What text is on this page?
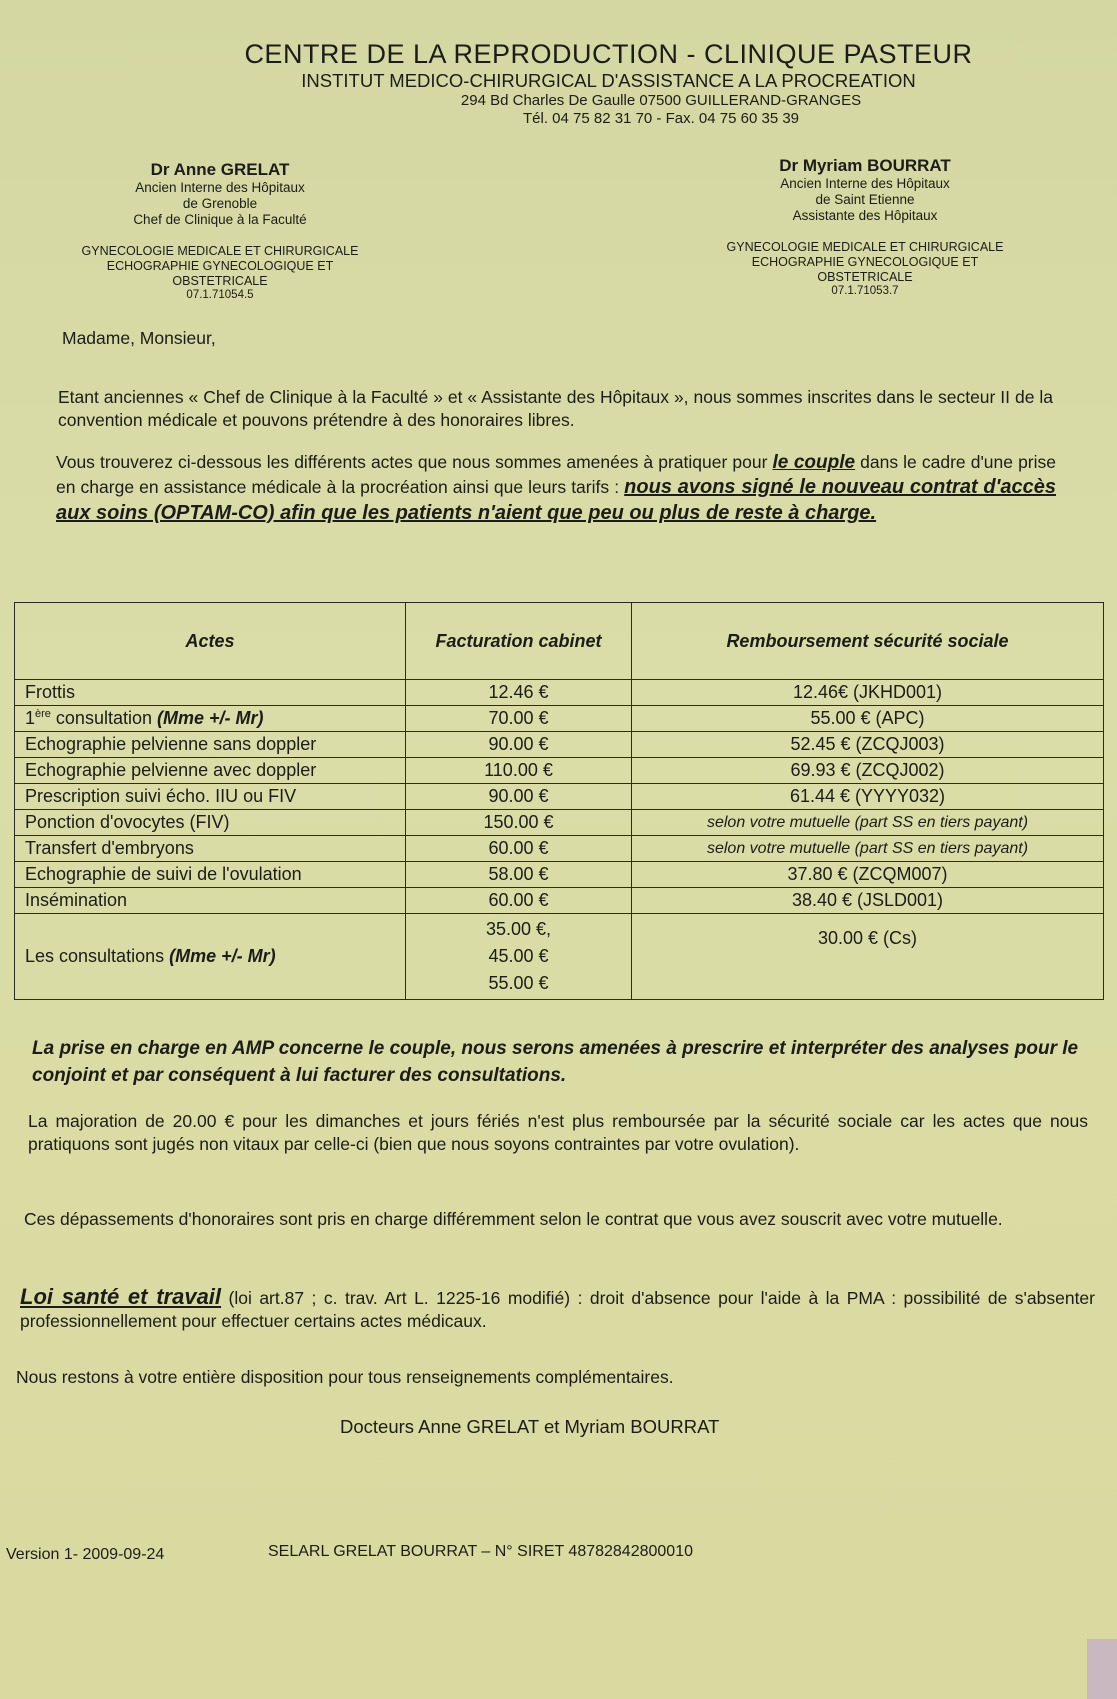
CENTRE DE LA REPRODUCTION - CLINIQUE PASTEUR
INSTITUT MEDICO-CHIRURGICAL D'ASSISTANCE A LA PROCREATION
294 Bd Charles De Gaulle 07500 GUILLERAND-GRANGES
Tél. 04 75 82 31 70 - Fax. 04 75 60 35 39
Dr Anne GRELAT
Ancien Interne des Hôpitaux
de Grenoble
Chef de Clinique à la Faculté
GYNECOLOGIE MEDICALE ET CHIRURGICALE
ECHOGRAPHIE GYNECOLOGIQUE ET
OBSTETRICALE
07.1.71054.5
Dr Myriam BOURRAT
Ancien Interne des Hôpitaux
de Saint Etienne
Assistante des Hôpitaux
GYNECOLOGIE MEDICALE ET CHIRURGICALE
ECHOGRAPHIE GYNECOLOGIQUE ET
OBSTETRICALE
07.1.71053.7
Madame, Monsieur,
Etant anciennes « Chef de Clinique à la Faculté » et « Assistante des Hôpitaux », nous sommes inscrites dans le secteur II de la convention médicale et pouvons prétendre à des honoraires libres.
Vous trouverez ci-dessous les différents actes que nous sommes amenées à pratiquer pour le couple dans le cadre d'une prise en charge en assistance médicale à la procréation ainsi que leurs tarifs : nous avons signé le nouveau contrat d'accès aux soins (OPTAM-CO) afin que les patients n'aient que peu ou plus de reste à charge.
Actes	Facturation cabinet	Remboursement sécurité sociale
Frottis	12.46 €	12.46€ (JKHD001)
1ère consultation (Mme +/- Mr)	70.00 €	55.00 € (APC)
Echographie pelvienne sans doppler	90.00 €	52.45 € (ZCQJ003)
Echographie pelvienne avec doppler	110.00 €	69.93 € (ZCQJ002)
Prescription suivi écho. IIU ou FIV	90.00 €	61.44 € (YYYY032)
Ponction d'ovocytes (FIV)	150.00 €	selon votre mutuelle (part SS en tiers payant)
Transfert d'embryons	60.00 €	selon votre mutuelle (part SS en tiers payant)
Echographie de suivi de l'ovulation	58.00 €	37.80 € (ZCQM007)
Insémination	60.00 €	38.40 € (JSLD001)
Les consultations (Mme +/- Mr)	35.00 €,
45.00 €
55.00 €	30.00 € (Cs)
La prise en charge en AMP concerne le couple, nous serons amenées à prescrire et interpréter des analyses pour le conjoint et par conséquent à lui facturer des consultations.
La majoration de 20.00 € pour les dimanches et jours fériés n'est plus remboursée par la sécurité sociale car les actes que nous pratiquons sont jugés non vitaux par celle-ci (bien que nous soyons contraintes par votre ovulation).
Ces dépassements d'honoraires sont pris en charge différemment selon le contrat que vous avez souscrit avec votre mutuelle.
Loi santé et travail (loi art.87 ; c. trav. Art L. 1225-16 modifié) : droit d'absence pour l'aide à la PMA : possibilité de s'absenter professionnellement pour effectuer certains actes médicaux.
Nous restons à votre entière disposition pour tous renseignements complémentaires.
Docteurs Anne GRELAT et Myriam BOURRAT
Version 1- 2009-09-24	SELARL GRELAT BOURRAT – N° SIRET 48782842800010
